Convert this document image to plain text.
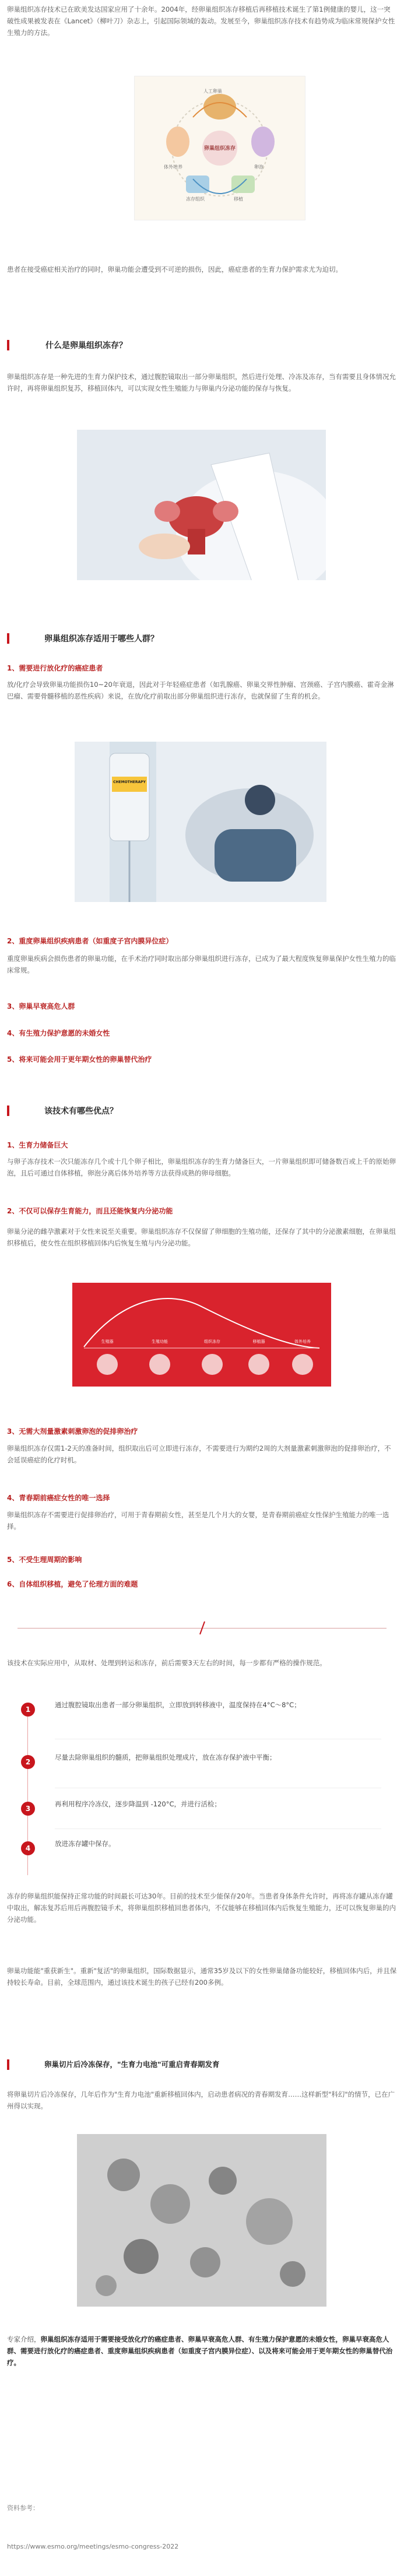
卵巢组织冻存技术已在欧美发达国家应用了十余年。2004年，经卵巢组织冻存移植后再移植技术诞生了第1例健康的婴儿，这一突破性成果被发表在《Lancet》（柳叶刀）杂志上，引起国际领域的轰动。发展至今，卵巢组织冻存技术有趋势成为临床常规保护女性生殖力的方法。

卵巢组织冻存
人工卵巢
体外培养	卵泡
冻存组织	移植

患者在接受癌症相关治疗的同时，卵巢功能会遭受到不可逆的损伤，因此，癌症患者的生育力保护需求尤为迫切。

什么是卵巢组织冻存？

卵巢组织冻存是一种先进的生育力保护技术，通过腹腔镜取出一部分卵巢组织，然后进行处理、冷冻及冻存，当有需要且身体情况允许时，再将卵巢组织复苏，移植回体内，可以实现女性生殖能力与卵巢内分泌功能的保存与恢复。

卵巢组织冻存适用于哪些人群？
1、需要进行放化疗的癌症患者

放/化疗会导致卵巢功能损伤10~20年衰退，因此对于年轻癌症患者（如乳腺癌、卵巢交界性肿瘤、宫颈癌、子宫内膜癌、霍奇金淋巴瘤、需要骨髓移植的恶性疾病）来说，在放/化疗前取出部分卵巢组织进行冻存，也就保留了生育的机会。

CHEMOTHERAPY
2、重度卵巢组织疾病患者（如重度子宫内膜异位症）

重度卵巢疾病会损伤患者的卵巢功能，在手术治疗同时取出部分卵巢组织进行冻存，已成为了最大程度恢复卵巢保护女性生殖力的临床常规。

3、卵巢早衰高危人群
4、有生殖力保护意愿的未婚女性
5、将来可能会用于更年期女性的卵巢替代治疗
该技术有哪些优点？
1、生育力储备巨大

与卵子冻存技术一次只能冻存几个或十几个卵子相比，卵巢组织冻存的生育力储备巨大，一片卵巢组织即可储备数百或上千的原始卵泡，且后可通过自体移植，卵泡分离后体外培养等方法获得成熟的卵母细胞。

2、不仅可以保存生育能力，而且还能恢复内分泌功能

卵巢分泌的雌孕激素对于女性来说至关重要。卵巢组织冻存不仅保留了卵细胞的生殖功能，还保存了其中的分泌激素细胞，在卵巢组织移植后，使女性在组织移植回体内后恢复生殖与内分泌功能。

生殖器	生殖功能	组织冻存	移植器	体外培养
3、无需大剂量激素刺激卵泡的促排卵治疗

卵巢组织冻存仅需1-2天的准备时间，组织取出后可立即进行冻存，不需要进行为期约2周的大剂量激素刺激卵泡的促排卵治疗，不会延误癌症的化疗时机。

4、青春期前癌症女性的唯一选择

卵巢组织冻存不需要进行促排卵治疗，可用于青春期前女性，甚至是几个月大的女婴，是青春期前癌症女性保护生殖能力的唯一选择。

5、不受生理周期的影响
6、自体组织移植，避免了伦理方面的难题

该技术在实际应用中，从取材、处理到转运和冻存，前后需要3天左右的时间，每一步都有严格的操作规范。

1

通过腹腔镜取出患者一部分卵巢组织，立即放到转移液中，温度保持在4°C～8°C；

2

尽量去除卵巢组织的髓质，把卵巢组织处理成片，放在冻存保护液中平衡；

3

再利用程序冷冻仪，逐步降温到 -120°C，并进行活检；

4

放进冻存罐中保存。

冻存的卵巢组织能保持正常功能的时间最长可达30年。目前的技术至少能保存20年。当患者身体条件允许时，再将冻存罐从冻存罐中取出，解冻复苏后用后再腹腔镜手术，将卵巢组织移植回患者体内，不仅能够在移植回体内后恢复生殖能力，还可以恢复卵巢的内分泌功能。

卵巢功能能"重获新生"。重新"复活"的卵巢组织，国际数据显示，通常35岁及以下的女性卵巢储备功能较好，移植回体内后，并且保持较长寿命。目前，全球范围内，通过该技术诞生的孩子已经有200多例。

卵巢切片后冷冻保存，"生育力电池"可重启青春期发育

将卵巢切片后冷冻保存，几年后作为"生育力电池"重新移植回体内，启动患者病况的青春期发育……这样新型"科幻"的情节，已在广州得以实现。

专家介绍，卵巢组织冻存适用于需要接受放化疗的癌症患者、卵巢早衰高危人群、有生殖力保护意愿的未婚女性，卵巢早衰高危人群、需要进行放化疗的癌症患者、重度卵巢组织疾病患者（如重度子宫内膜异位症）、以及将来可能会用于更年期女性的卵巢替代治疗。

资料参考：

https://www.esmo.org/meetings/esmo-congress-2022
